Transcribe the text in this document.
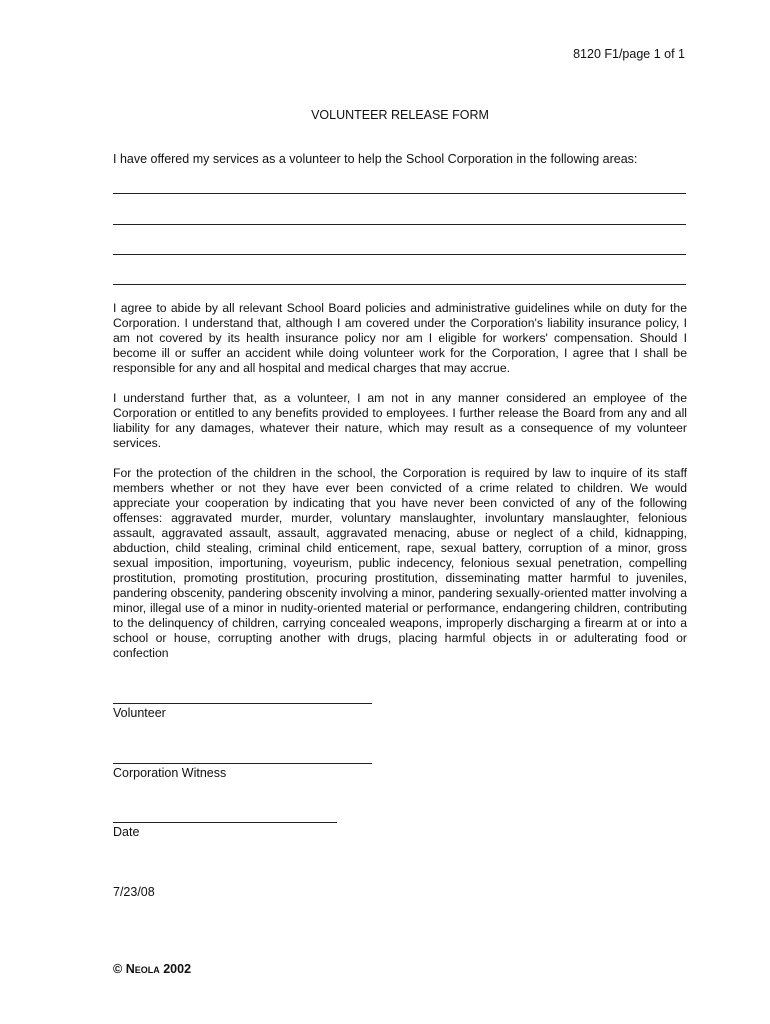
8120 F1/page 1 of 1
VOLUNTEER RELEASE FORM
I have offered my services as a volunteer to help the School Corporation in the following areas:

I agree to abide by all relevant School Board policies and administrative guidelines while on duty for the Corporation. I understand that, although I am covered under the Corporation's liability insurance policy, I am not covered by its health insurance policy nor am I eligible for workers' compensation. Should I become ill or suffer an accident while doing volunteer work for the Corporation, I agree that I shall be responsible for any and all hospital and medical charges that may accrue.

I understand further that, as a volunteer, I am not in any manner considered an employee of the Corporation or entitled to any benefits provided to employees. I further release the Board from any and all liability for any damages, whatever their nature, which may result as a consequence of my volunteer services.

For the protection of the children in the school, the Corporation is required by law to inquire of its staff members whether or not they have ever been convicted of a crime related to children. We would appreciate your cooperation by indicating that you have never been convicted of any of the following offenses: aggravated murder, murder, voluntary manslaughter, involuntary manslaughter, felonious assault, aggravated assault, assault, aggravated menacing, abuse or neglect of a child, kidnapping, abduction, child stealing, criminal child enticement, rape, sexual battery, corruption of a minor, gross sexual imposition, importuning, voyeurism, public indecency, felonious sexual penetration, compelling prostitution, promoting prostitution, procuring prostitution, disseminating matter harmful to juveniles, pandering obscenity, pandering obscenity involving a minor, pandering sexually-oriented matter involving a minor, illegal use of a minor in nudity-oriented material or performance, endangering children, contributing to the delinquency of children, carrying concealed weapons, improperly discharging a firearm at or into a school or house, corrupting another with drugs, placing harmful objects in or adulterating food or confection

Volunteer
Corporation Witness
Date
7/23/08
© Neola 2002
